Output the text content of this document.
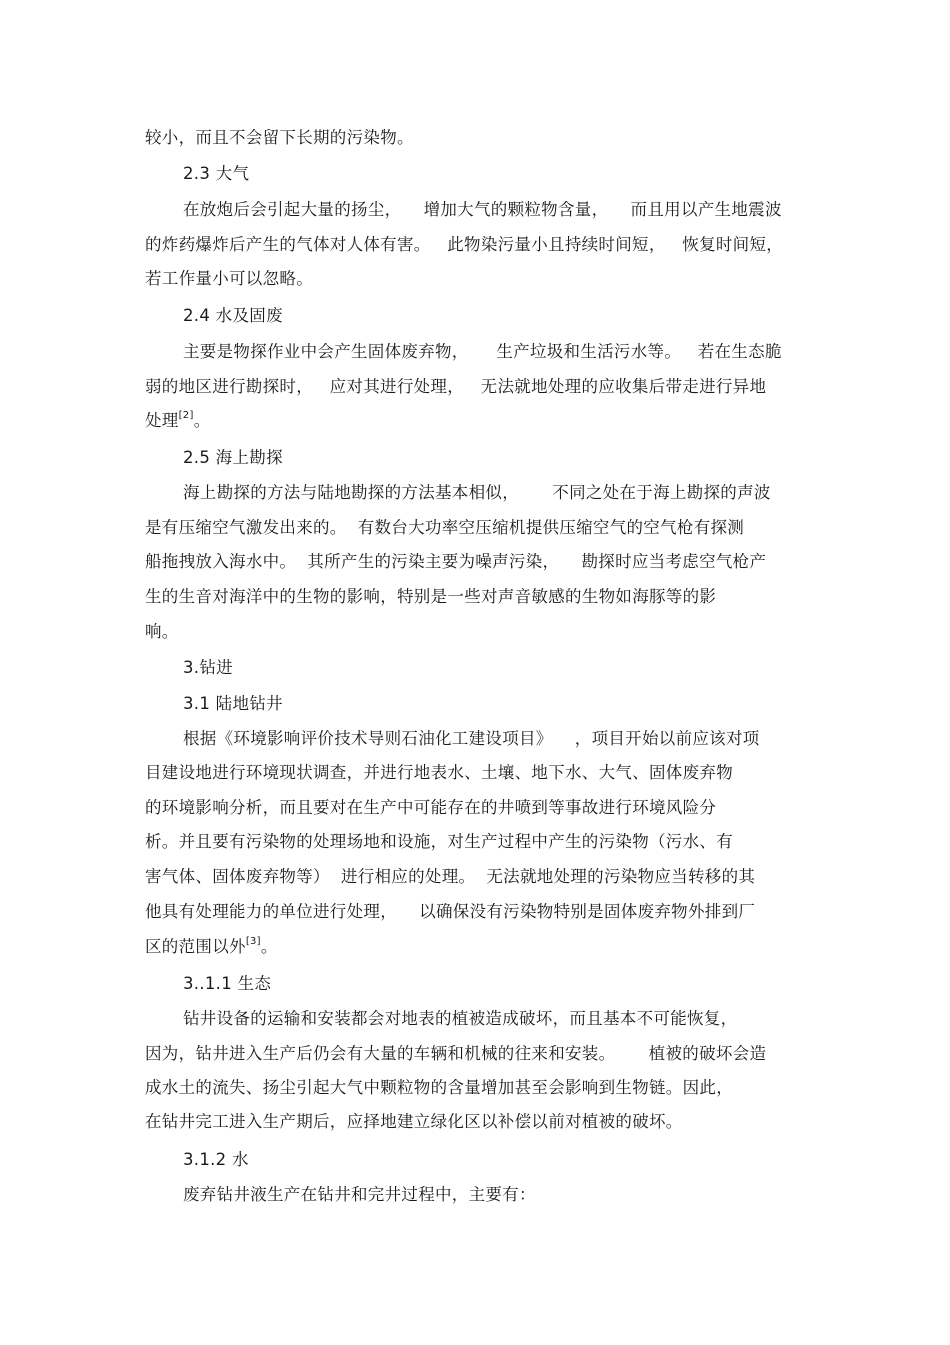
较小，而且不会留下长期的污染物。
2.3 大气
在放炮后会引起大量的扬尘，    增加大气的颗粒物含量，    而且用以产生地震波
的炸药爆炸后产生的气体对人体有害。   此物染污量小且持续时间短，   恢复时间短，
若工作量小可以忽略。
2.4 水及固废
主要是物探作业中会产生固体废弃物，     生产垃圾和生活污水等。   若在生态脆
弱的地区进行勘探时，   应对其进行处理，   无法就地处理的应收集后带走进行异地
处理[2]。
2.5 海上勘探
海上勘探的方法与陆地勘探的方法基本相似，      不同之处在于海上勘探的声波
是有压缩空气激发出来的。  有数台大功率空压缩机提供压缩空气的空气枪有探测
船拖拽放入海水中。  其所产生的污染主要为噪声污染，    勘探时应当考虑空气枪产
生的生音对海洋中的生物的影响，特别是一些对声音敏感的生物如海豚等的影
响。
3.钻进
3.1 陆地钻井
根据《环境影响评价技术导则石油化工建设项目》    ，项目开始以前应该对项
目建设地进行环境现状调查，并进行地表水、土壤、地下水、大气、固体废弃物
的环境影响分析，而且要对在生产中可能存在的井喷到等事故进行环境风险分
析。并且要有污染物的处理场地和设施，对生产过程中产生的污染物（污水、有
害气体、固体废弃物等）  进行相应的处理。  无法就地处理的污染物应当转移的其
他具有处理能力的单位进行处理，    以确保没有污染物特别是固体废弃物外排到厂
区的范围以外[3]。
3..1.1 生态
钻井设备的运输和安装都会对地表的植被造成破坏，而且基本不可能恢复，
因为，钻井进入生产后仍会有大量的车辆和机械的往来和安装。      植被的破坏会造
成水土的流失、扬尘引起大气中颗粒物的含量增加甚至会影响到生物链。因此，
在钻井完工进入生产期后，应择地建立绿化区以补偿以前对植被的破坏。
3.1.2 水
废弃钻井液生产在钻井和完井过程中，主要有：
